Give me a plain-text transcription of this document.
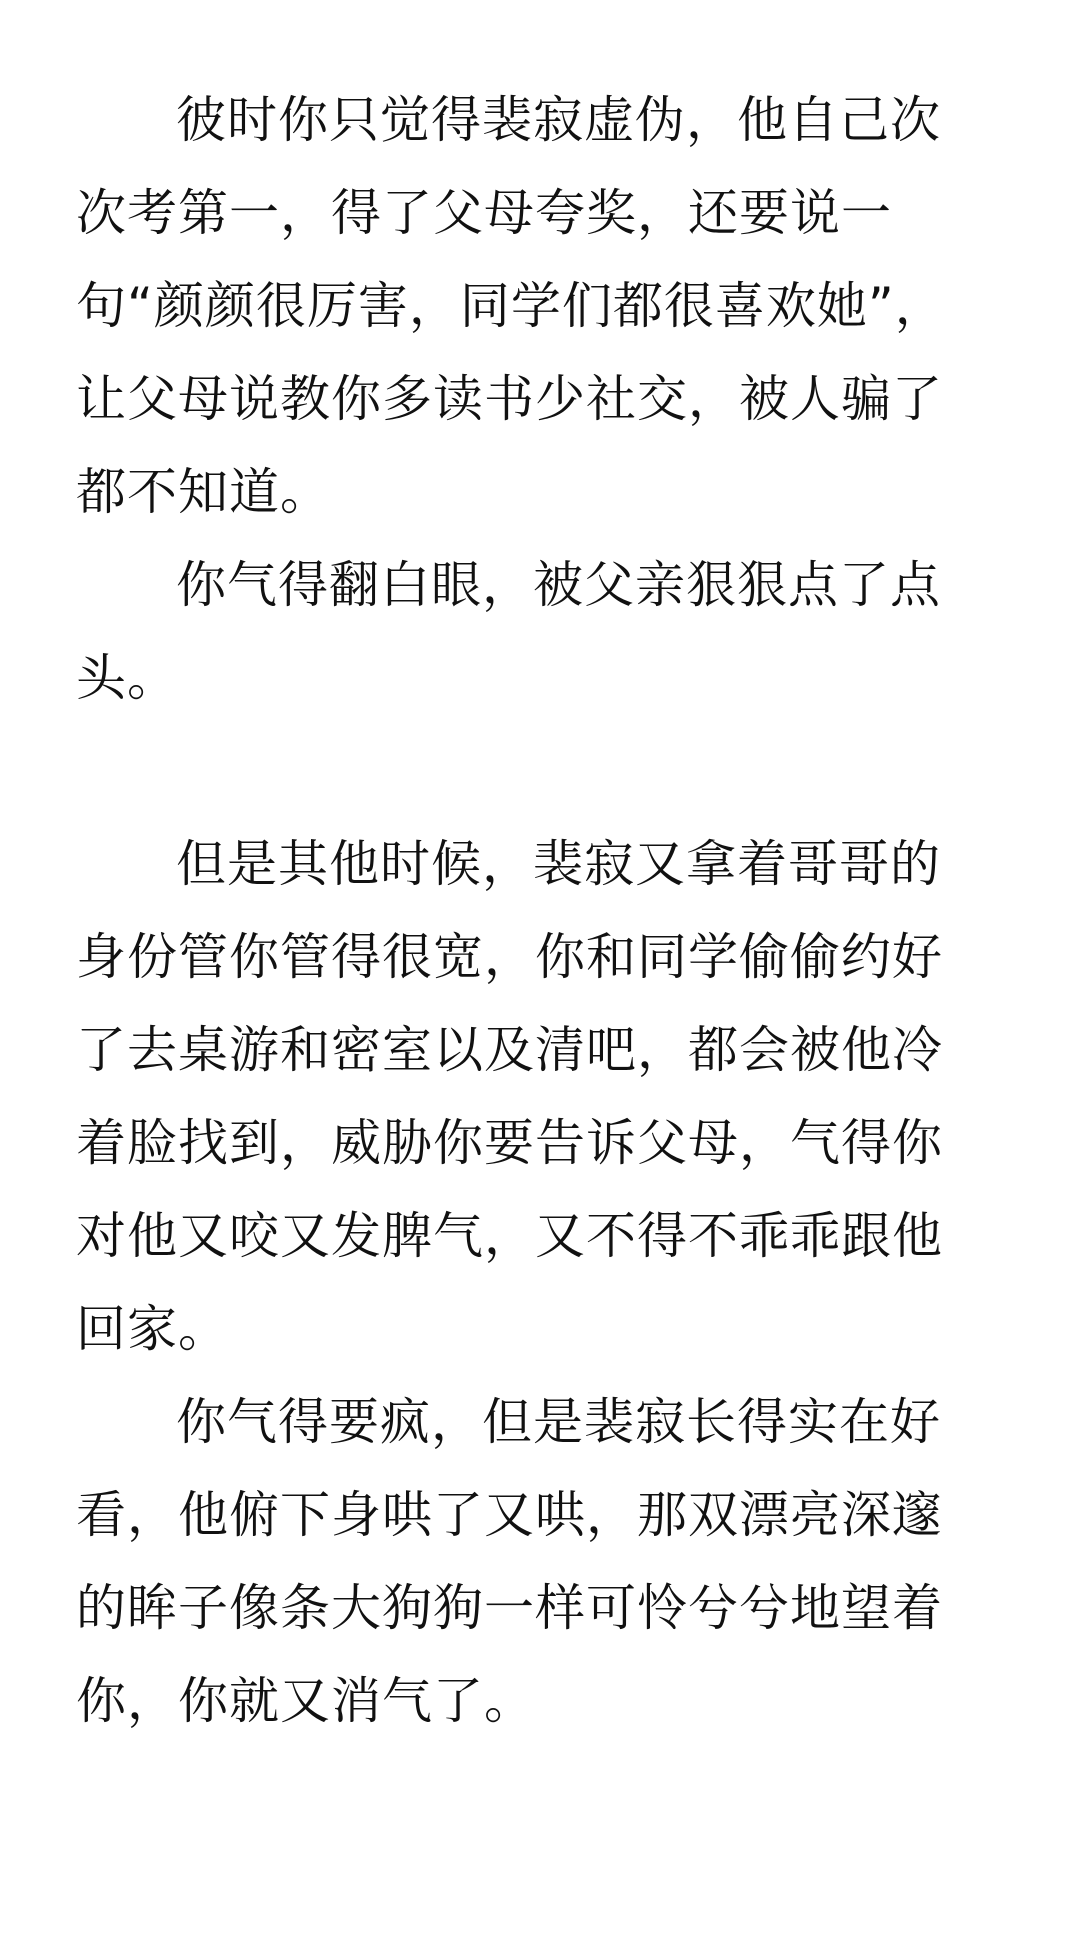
彼时你只觉得裴寂虚伪，他自己次次考第一，得了父母夸奖，还要说一句“颜颜很厉害，同学们都很喜欢她”，让父母说教你多读书少社交，被人骗了都不知道。

你气得翻白眼，被父亲狠狠点了点头。

但是其他时候，裴寂又拿着哥哥的身份管你管得很宽，你和同学偷偷约好了去桌游和密室以及清吧，都会被他冷着脸找到，威胁你要告诉父母，气得你对他又咬又发脾气，又不得不乖乖跟他回家。

你气得要疯，但是裴寂长得实在好看，他俯下身哄了又哄，那双漂亮深邃的眸子像条大狗狗一样可怜兮兮地望着你，你就又消气了。
